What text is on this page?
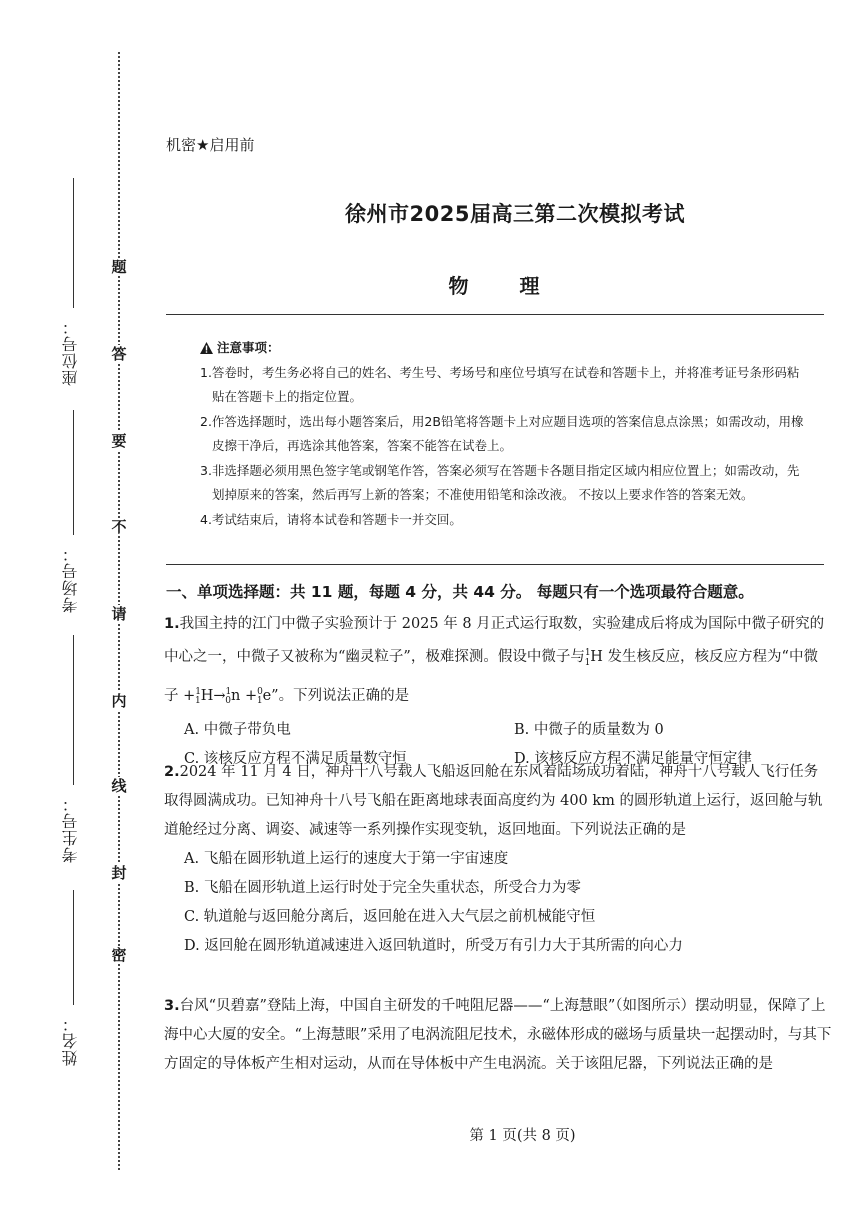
题
答
要
不
请
内
线
封
密
座位号：
考场号：
考生号：
姓名：
机密★启用前
徐州市2025届高三第二次模拟考试
物 理
注意事项：
1.答卷时，考生务必将自己的姓名、考生号、考场号和座位号填写在试卷和答题卡上，并将准考证号条形码粘贴在答题卡上的指定位置。
2.作答选择题时，选出每小题答案后，用2B铅笔将答题卡上对应题目选项的答案信息点涂黑；如需改动，用橡皮擦干净后，再选涂其他答案，答案不能答在试卷上。
3.非选择题必须用黑色签字笔或钢笔作答，答案必须写在答题卡各题目指定区域内相应位置上；如需改动，先划掉原来的答案，然后再写上新的答案；不准使用铅笔和涂改液。 不按以上要求作答的答案无效。
4.考试结束后，请将本试卷和答题卡一并交回。
一、单项选择题：共 11 题，每题 4 分，共 44 分。 每题只有一个选项最符合题意。
1.我国主持的江门中微子实验预计于 2025 年 8 月正式运行取数，实验建成后将成为国际中微子研究的中心之一，中微子又被称为“幽灵粒子”，极难探测。假设中微子与$^1_1$H 发生核反应，核反应方程为“中微子 +$^1_1$H→$^1_0$n +$^0_1$e”。下列说法正确的是
A. 中微子带负电	B. 中微子的质量数为 0
C. 该核反应方程不满足质量数守恒	D. 该核反应方程不满足能量守恒定律
2.2024 年 11 月 4 日，神舟十八号载人飞船返回舱在东风着陆场成功着陆，神舟十八号载人飞行任务取得圆满成功。已知神舟十八号飞船在距离地球表面高度约为 400 km 的圆形轨道上运行，返回舱与轨道舱经过分离、调姿、减速等一系列操作实现变轨，返回地面。下列说法正确的是
A. 飞船在圆形轨道上运行的速度大于第一宇宙速度
B. 飞船在圆形轨道上运行时处于完全失重状态，所受合力为零
C. 轨道舱与返回舱分离后，返回舱在进入大气层之前机械能守恒
D. 返回舱在圆形轨道减速进入返回轨道时，所受万有引力大于其所需的向心力
3.台风“贝碧嘉”登陆上海，中国自主研发的千吨阻尼器——“上海慧眼”（如图所示）摆动明显，保障了上海中心大厦的安全。“上海慧眼”采用了电涡流阻尼技术，永磁体形成的磁场与质量块一起摆动时，与其下方固定的导体板产生相对运动，从而在导体板中产生电涡流。关于该阻尼器，下列说法正确的是
第 1 页(共 8 页)
